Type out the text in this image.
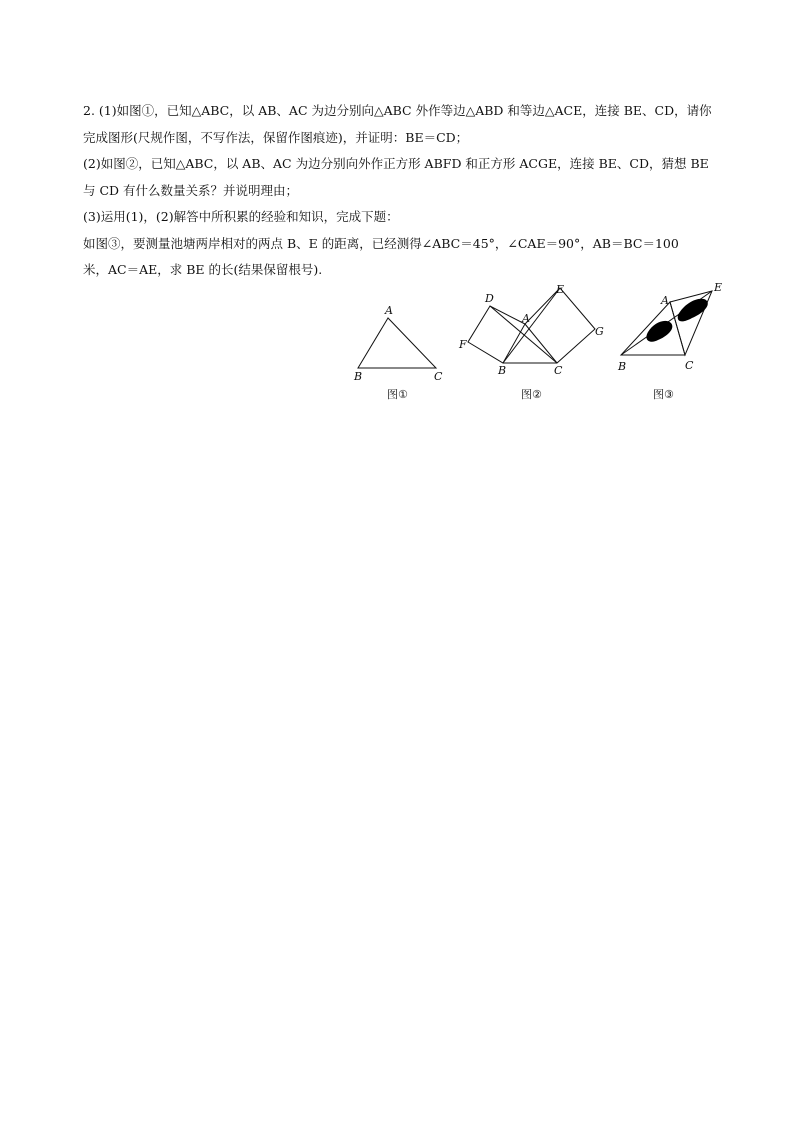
2. (1)如图①，已知△ABC，以 AB、AC 为边分别向△ABC 外作等边△ABD 和等边△ACE，连接 BE、CD，请你
完成图形(尺规作图，不写作法，保留作图痕迹)，并证明：BE＝CD；
(2)如图②，已知△ABC，以 AB、AC 为边分别向外作正方形 ABFD 和正方形 ACGE，连接 BE、CD，猜想 BE
与 CD 有什么数量关系？并说明理由；
(3)运用(1)，(2)解答中所积累的经验和知识，完成下题：
如图③，要测量池塘两岸相对的两点 B、E 的距离，已经测得∠ABC＝45°，∠CAE＝90°，AB＝BC＝100
米，AC＝AE，求 BE 的长(结果保留根号).
A
B	C
图①
D
E
A
F
G
B	C
图②
A
E
B	C
图③
